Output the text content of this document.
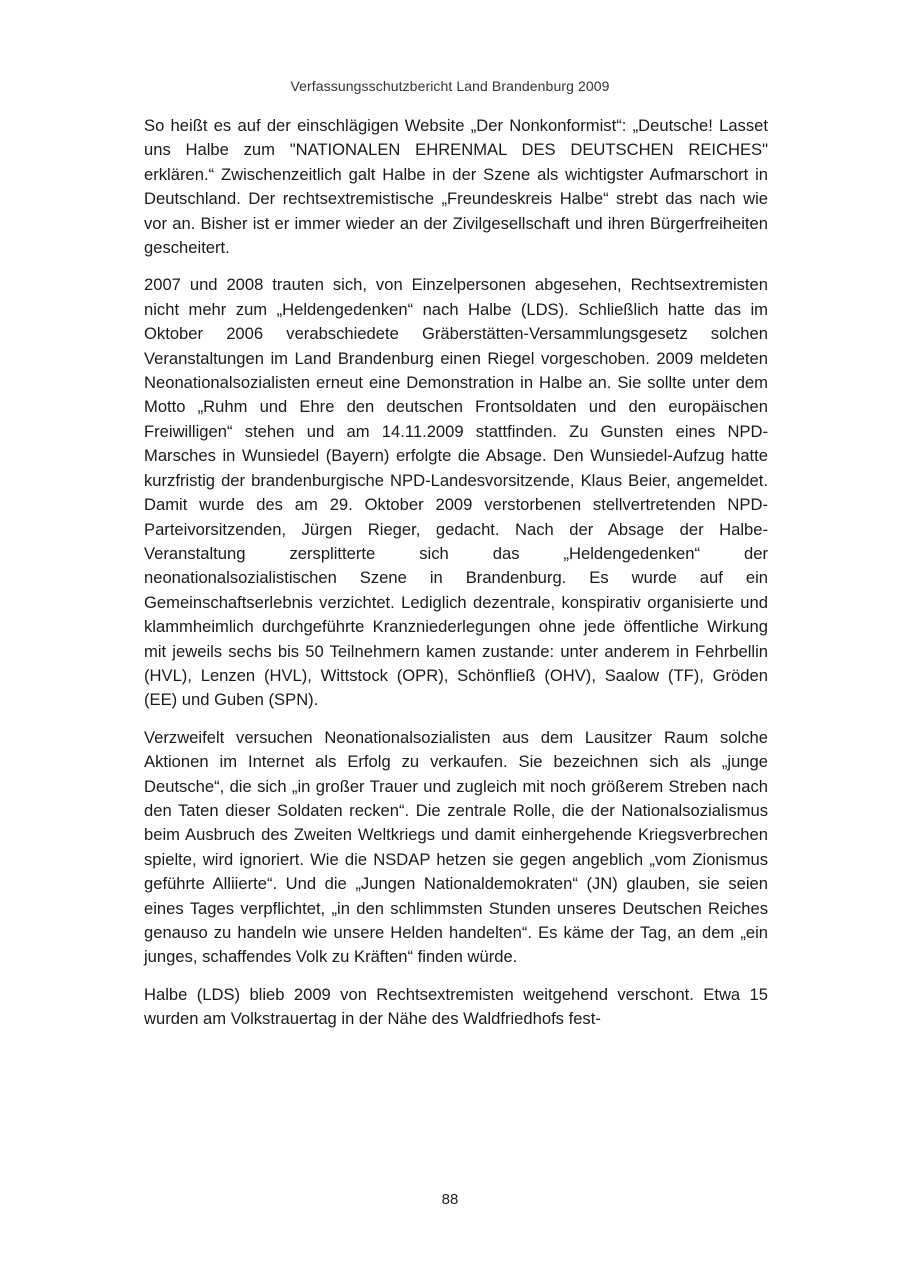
Verfassungsschutzbericht Land Brandenburg 2009

So heißt es auf der einschlägigen Website „Der Nonkonformist“: „Deutsche! Lasset uns Halbe zum "NATIONALEN EHRENMAL DES DEUTSCHEN REICHES" erklären.“ Zwischenzeitlich galt Halbe in der Szene als wichtigster Aufmarschort in Deutschland. Der rechtsextremistische „Freundeskreis Halbe“ strebt das nach wie vor an. Bisher ist er immer wieder an der Zivilgesellschaft und ihren Bürgerfreiheiten gescheitert.

2007 und 2008 trauten sich, von Einzelpersonen abgesehen, Rechtsextremisten nicht mehr zum „Heldengedenken“ nach Halbe (LDS). Schließlich hatte das im Oktober 2006 verabschiedete Gräberstätten-Versammlungsgesetz solchen Veranstaltungen im Land Brandenburg einen Riegel vorgeschoben. 2009 meldeten Neonationalsozialisten erneut eine Demonstration in Halbe an. Sie sollte unter dem Motto „Ruhm und Ehre den deutschen Frontsoldaten und den europäischen Freiwilligen“ stehen und am 14.11.2009 stattfinden. Zu Gunsten eines NPD-Marsches in Wunsiedel (Bayern) erfolgte die Absage. Den Wunsiedel-Aufzug hatte kurzfristig der brandenburgische NPD-Landesvorsitzende, Klaus Beier, angemeldet. Damit wurde des am 29. Oktober 2009 verstorbenen stellvertretenden NPD-Parteivorsitzenden, Jürgen Rieger, gedacht. Nach der Absage der Halbe-Veranstaltung zersplitterte sich das „Heldengedenken“ der neonationalsozialistischen Szene in Brandenburg. Es wurde auf ein Gemeinschaftserlebnis verzichtet. Lediglich dezentrale, konspirativ organisierte und klammheimlich durchgeführte Kranzniederlegungen ohne jede öffentliche Wirkung mit jeweils sechs bis 50 Teilnehmern kamen zustande: unter anderem in Fehrbellin (HVL), Lenzen (HVL), Wittstock (OPR), Schönfließ (OHV), Saalow (TF), Gröden (EE) und Guben (SPN).

Verzweifelt versuchen Neonationalsozialisten aus dem Lausitzer Raum solche Aktionen im Internet als Erfolg zu verkaufen. Sie bezeichnen sich als „junge Deutsche“, die sich „in großer Trauer und zugleich mit noch größerem Streben nach den Taten dieser Soldaten recken“. Die zentrale Rolle, die der Nationalsozialismus beim Ausbruch des Zweiten Weltkriegs und damit einhergehende Kriegsverbrechen spielte, wird ignoriert. Wie die NSDAP hetzen sie gegen angeblich „vom Zionismus geführte Alliierte“. Und die „Jungen Nationaldemokraten“ (JN) glauben, sie seien eines Tages verpflichtet, „in den schlimmsten Stunden unseres Deutschen Reiches genauso zu handeln wie unsere Helden handelten“. Es käme der Tag, an dem „ein junges, schaffendes Volk zu Kräften“ finden würde.

Halbe (LDS) blieb 2009 von Rechtsextremisten weitgehend verschont. Etwa 15 wurden am Volkstrauertag in der Nähe des Waldfriedhofs fest-

88
